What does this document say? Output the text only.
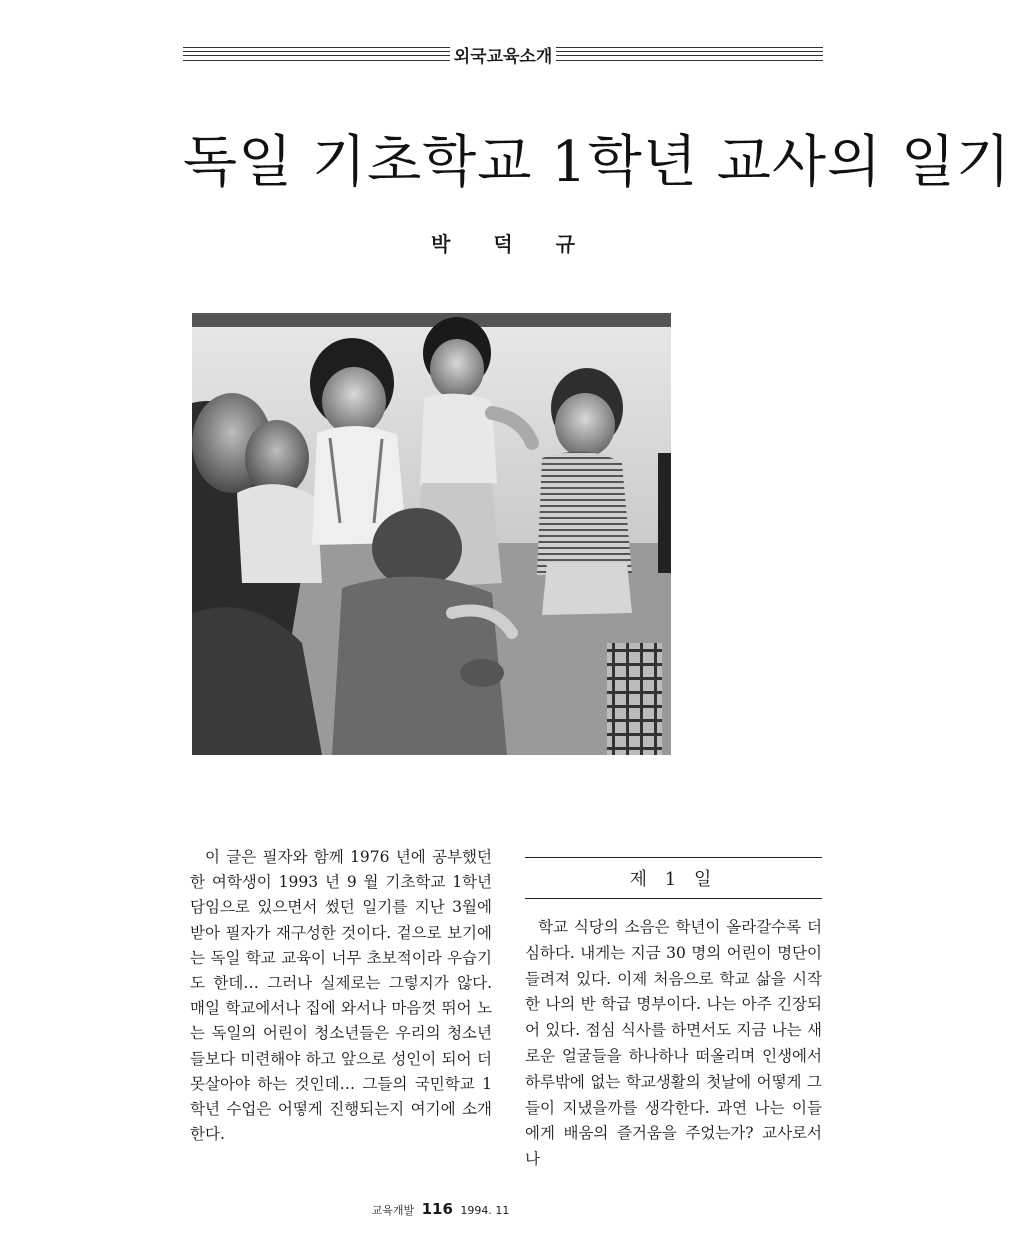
외국교육소개
독일 기초학교 1학년 교사의 일기
박 덕 규

이 글은 필자와 함께 1976 년에 공부했던 한 여학생이 1993 년 9 월 기초학교 1학년 담임으로 있으면서 썼던 일기를 지난 3월에 받아 필자가 재구성한 것이다. 겉으로 보기에는 독일 학교 교육이 너무 초보적이라 우습기도 한데… 그러나 실제로는 그렇지가 않다. 매일 학교에서나 집에 와서나 마음껏 뛰어 노는 독일의 어린이 청소년들은 우리의 청소년들보다 미련해야 하고 앞으로 성인이 되어 더 못살아야 하는 것인데… 그들의 국민학교 1학년 수업은 어떻게 진행되는지 여기에 소개한다.

제 1 일

학교 식당의 소음은 학년이 올라갈수록 더 심하다. 내게는 지금 30 명의 어린이 명단이 들려져 있다. 이제 처음으로 학교 삶을 시작한 나의 반 학급 명부이다. 나는 아주 긴장되어 있다. 점심 식사를 하면서도 지금 나는 새로운 얼굴들을 하나하나 떠올리며 인생에서 하루밖에 없는 학교생활의 첫날에 어떻게 그들이 지냈을까를 생각한다. 과연 나는 이들에게 배움의 즐거움을 주었는가? 교사로서 나

교육개발 116 1994. 11
